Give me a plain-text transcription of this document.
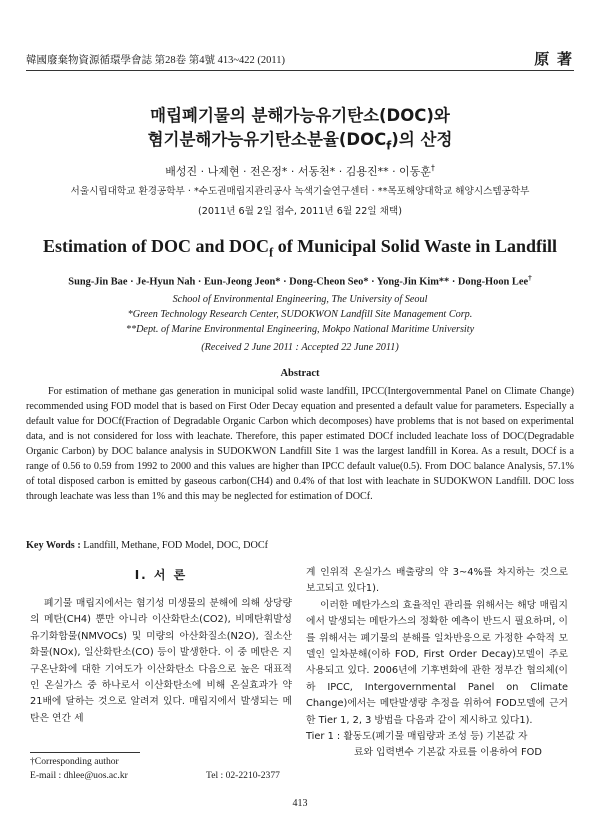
韓國廢棄物資源循環學會誌 第28卷 第4號 413~422 (2011)	原 著
매립폐기물의 분해가능유기탄소(DOC)와
혐기분해가능유기탄소분율$(DOC_f)$의 산정
배성진 · 나제현 · 전은정* · 서동천* · 김용진** · 이동훈†
서울시립대학교 환경공학부 · *수도권매립지관리공사 녹색기술연구센터 · **목포해양대학교 해양시스템공학부
(2011년 6월 2일 접수, 2011년 6월 22일 채택)
Estimation of DOC and $DOC_f$ of Municipal Solid Waste in Landfill
Sung-Jin Bae · Je-Hyun Nah · Eun-Jeong Jeon* · Dong-Cheon Seo* · Yong-Jin Kim** · Dong-Hoon Lee†
School of Environmental Engineering, The University of Seoul
*Green Technology Research Center, SUDOKWON Landfill Site Management Corp.
**Dept. of Marine Environmental Engineering, Mokpo National Maritime University
(Received 2 June 2011 : Accepted 22 June 2011)
Abstract

For estimation of methane gas generation in municipal solid waste landfill, IPCC(Intergovernmental Panel on Climate Change) recommended using FOD model that is based on First Oder Decay equation and presented a default value for parameters. Especially a default value for DOCf(Fraction of Degradable Organic Carbon which decomposes) have problems that is not based on experimental data, and is not considered for loss with leachate. Therefore, this paper estimated DOCf included leachate loss of DOC(Degradable Organic Carbon) by DOC balance analysis in SUDOKWON Landfill Site 1 was the largest landfill in Korea. As a result, DOCf is a range of 0.56 to 0.59 from 1992 to 2000 and this values are higher than IPCC default value(0.5). From DOC balance Analysis, 57.1% of total disposed carbon is emitted by gaseous carbon(CH4) and 0.4% of that lost with leachate in SUDOKWON Landfill. DOC loss through leachate was less than 1% and this may be neglected for estimation of DOCf.

Key Words : Landfill, Methane, FOD Model, DOC, DOCf
I. 서 론

폐기물 매립지에서는 혐기성 미생물의 분해에 의해 상당량의 메탄(CH4) 뿐만 아니라 이산화탄소(CO2), 비메탄휘발성유기화합물(NMVOCs) 및 미량의 아산화질소(N2O), 질소산화물(NOx), 일산화탄소(CO) 등이 발생한다. 이 중 메탄은 지구온난화에 대한 기여도가 이산화탄소 다음으로 높은 대표적인 온실가스 중 하나로서 이산화탄소에 비해 온실효과가 약 21배에 달하는 것으로 알려져 있다. 매립지에서 발생되는 메탄은 연간 세

계 인위적 온실가스 배출량의 약 3~4%를 차지하는 것으로 보고되고 있다1).

이러한 메탄가스의 효율적인 관리를 위해서는 해당 매립지에서 발생되는 메탄가스의 정확한 예측이 반드시 필요하며, 이를 위해서는 폐기물의 분해를 일차반응으로 가정한 수학적 모델인 일차분해(이하 FOD, First Order Decay)모델이 주로 사용되고 있다. 2006년에 기후변화에 관한 정부간 협의체(이하 IPCC, Intergovernmental Panel on Climate Change)에서는 메탄발생량 추정을 위하여 FOD모델에 근거한 Tier 1, 2, 3 방법을 다음과 같이 제시하고 있다1).

Tier 1 : 활동도(폐기물 매립량과 조성 등) 기본값 자

료와 입력변수 기본값 자료를 이용하여 FOD

†Corresponding author
E-mail : dhlee@uos.ac.kr	Tel : 02-2210-2377
413
